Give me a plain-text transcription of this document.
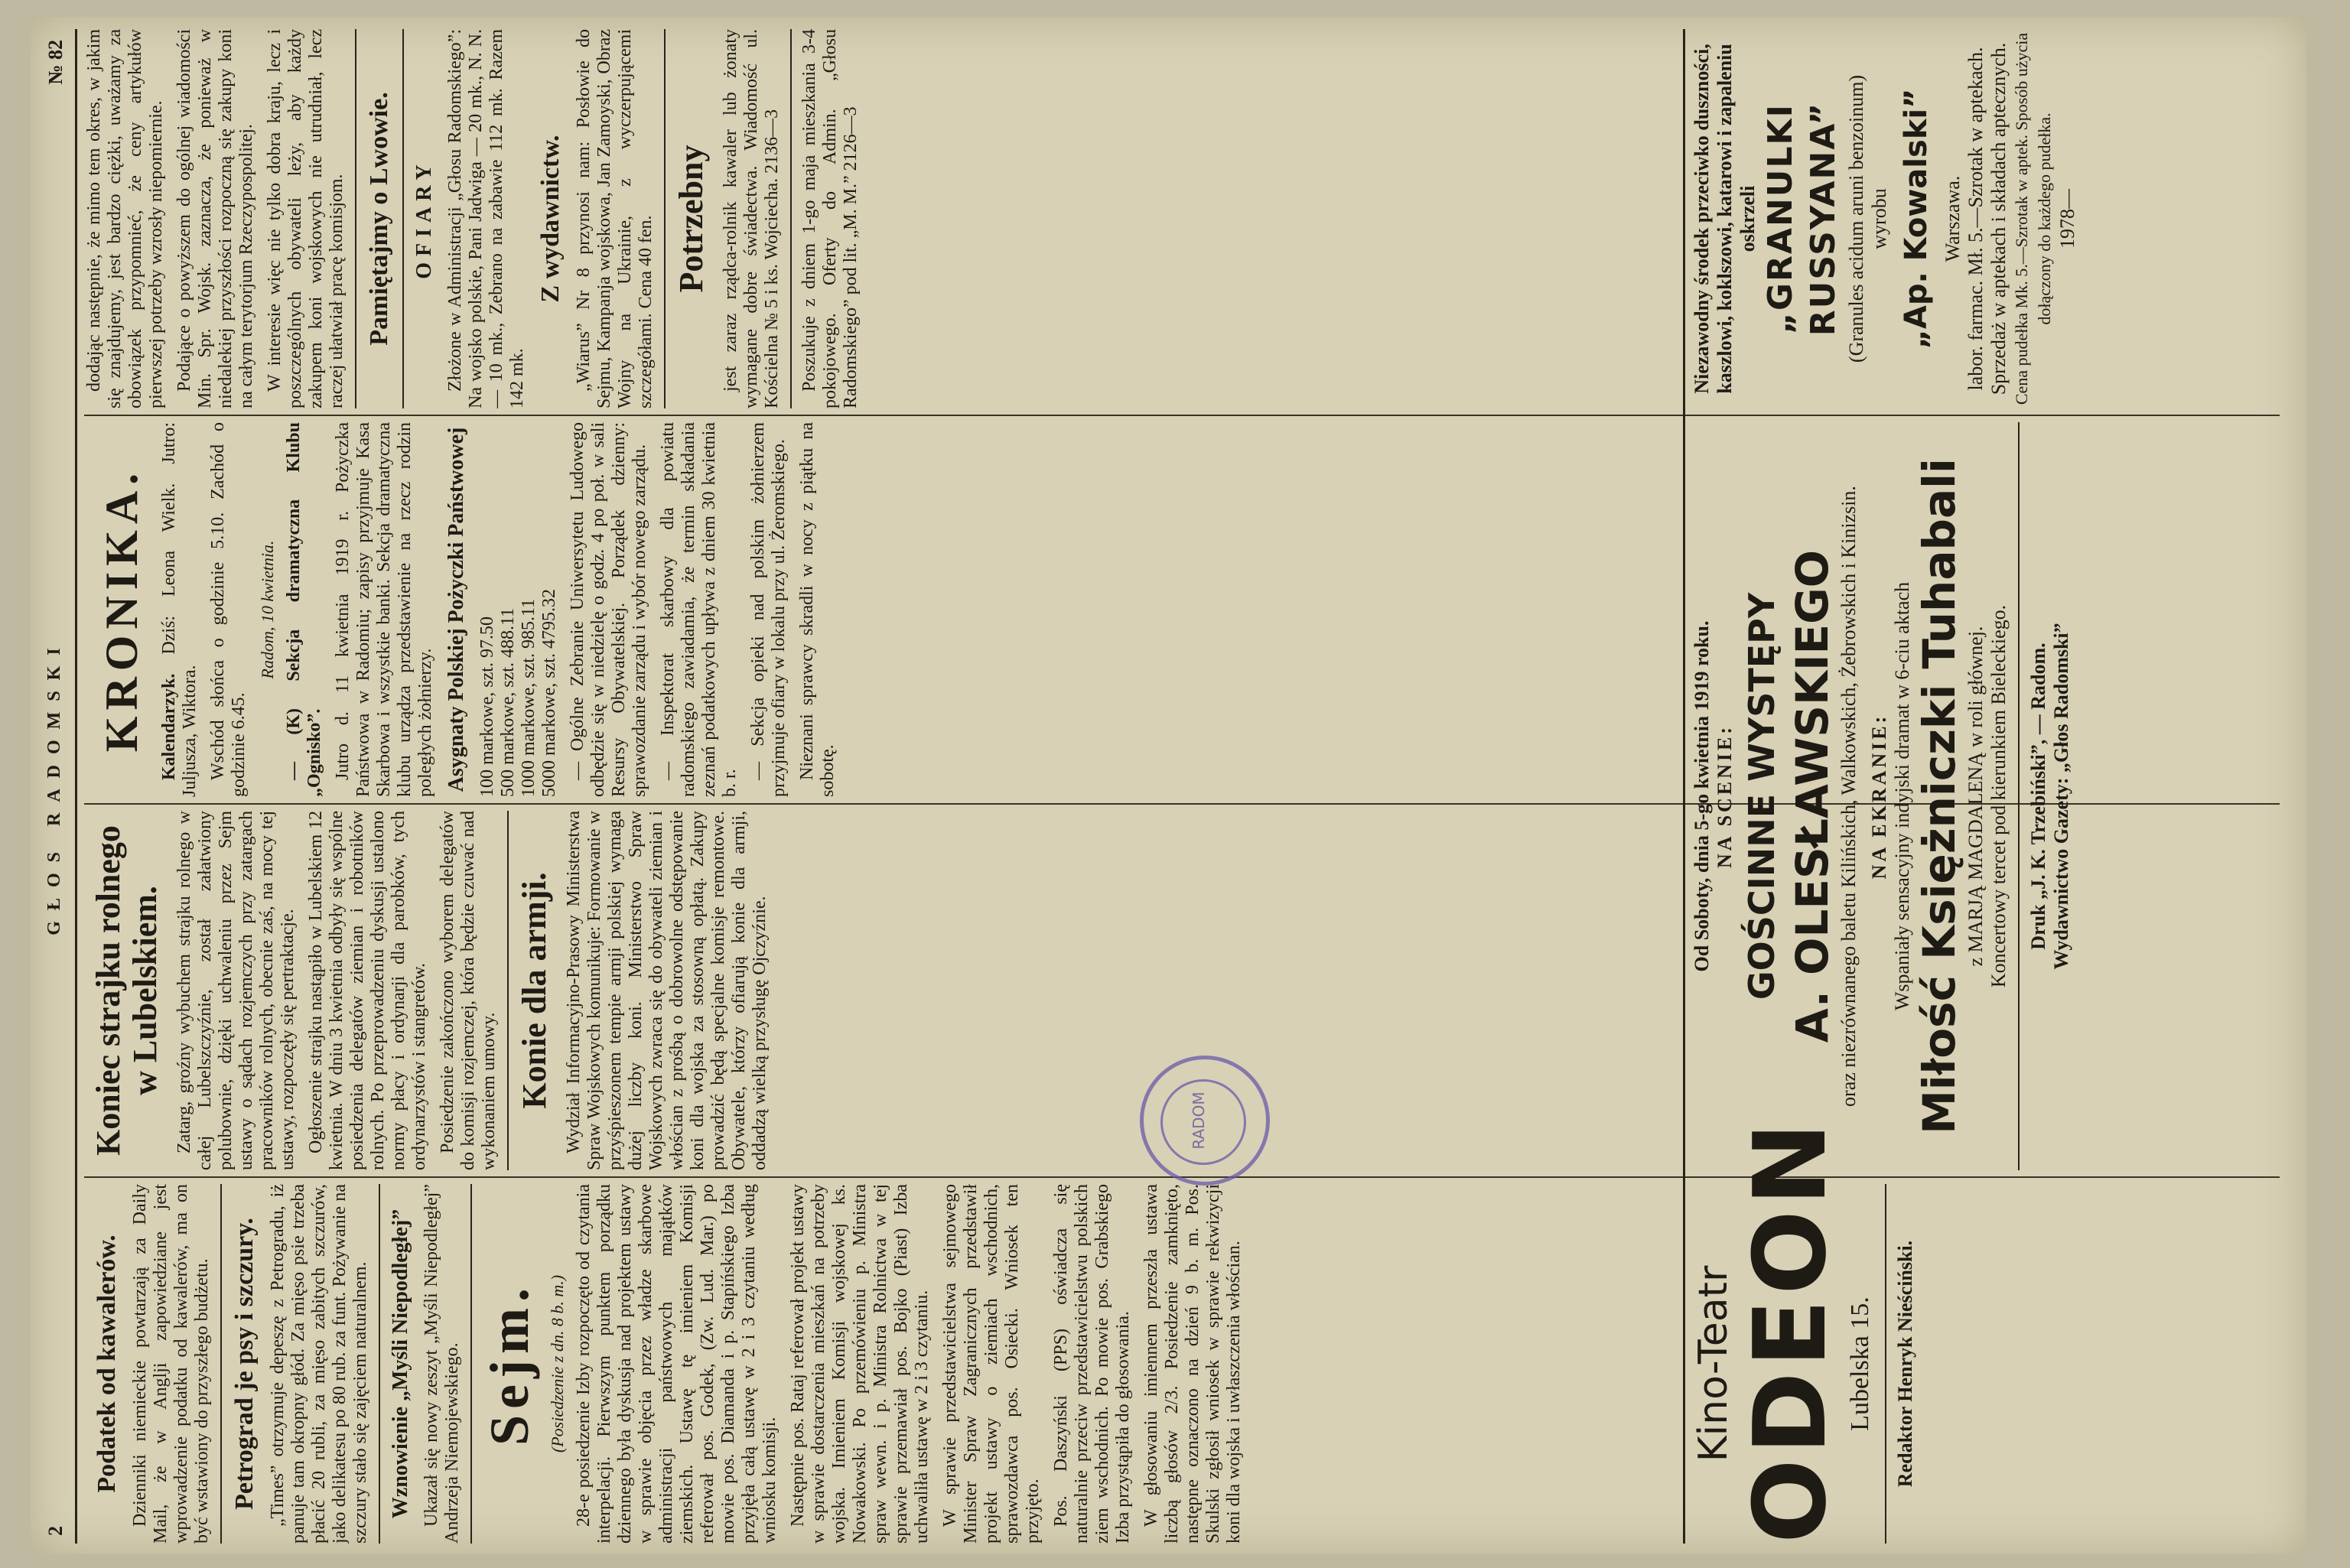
2
GŁOS RADOMSKI
№ 82
Podatek od kawalerów. Dzienniki niemieckie powtarzają za Daily Mail, że w Anglji zapowiedziane jest wprowadzenie podatku od kawalerów, ma on być wstawiony do przyszłego budżetu. Petrograd je psy i szczury. „Times” otrzymuje depeszę z Petrogradu, iż panuje tam okropny głód. Za mięso psie trzeba płacić 20 rubli, za mięso zabitych szczurów, jako delikatesu po 80 rub. za funt. Pożywanie na szczury stało się zajęciem naturalnem. Wznowienie „Myśli Niepodległej” Ukazał się nowy zeszyt „Myśli Niepodległej” Andrzeja Niemojewskiego. Sejm. (Posiedzenie z dn. 8 b. m.) 28-e posiedzenie Izby rozpoczęto od czytania interpelacji. Pierwszym punktem porządku dziennego była dyskusja nad projektem ustawy w sprawie objęcia przez władze skarbowe administracji państwowych majątków ziemskich. Ustawę tę imieniem Komisji referował pos. Godek, (Zw. Lud. Mar.) po mowie pos. Diamanda i p. Stapińskiego Izba przyjęła całą ustawę w 2 i 3 czytaniu według wniosku komisji. Następnie pos. Rataj referował projekt ustawy w sprawie dostarczenia mieszkań na potrzeby wojska. Imieniem Komisji wojskowej ks. Nowakowski. Po przemówieniu p. Ministra spraw wewn. i p. Ministra Rolnictwa w tej sprawie przemawiał pos. Bojko (Piast) Izba uchwaliła ustawę w 2 i 3 czytaniu. W sprawie przedstawicielstwa sejmowego Minister Spraw Zagranicznych przedstawił projekt ustawy o ziemiach wschodnich, sprawozdawca pos. Osiecki. Wniosek ten przyjęto. Pos. Daszyński (PPS) oświadcza się naturalnie przeciw przedstawicielstwu polskich ziem wschodnich. Po mowie pos. Grabskiego Izba przystąpiła do głosowania. W głosowaniu imiennem przeszła ustawa liczbą głosów 2/3. Posiedzenie zamknięto, następne oznaczono na dzień 9 b. m. Pos. Skulski zgłosił wniosek w sprawie rekwizycji koni dla wojska i uwłaszczenia włościan.

Koniec strajku rolnego w Lubelskiem. Zatarg, groźny wybuchem strajku rolnego w całej Lubelszczyźnie, został załatwiony polubownie, dzięki uchwaleniu przez Sejm ustawy o sądach rozjemczych przy zatargach pracowników rolnych, obecnie zaś, na mocy tej ustawy, rozpoczęły się pertraktacje. Ogłoszenie strajku nastąpiło w Lubelskiem 12 kwietnia. W dniu 3 kwietnia odbyły się wspólne posiedzenia delegatów ziemian i robotników rolnych. Po przeprowadzeniu dyskusji ustalono normy płacy i ordynarji dla parobków, tych ordynarzystów i stangretów. Posiedzenie zakończono wyborem delegatów do komisji rozjemczej, która będzie czuwać nad wykonaniem umowy. Konie dla armji. Wydział Informacyjno-Prasowy Ministerstwa Spraw Wojskowych komunikuje: Formowanie w przyśpieszonem tempie armji polskiej wymaga dużej liczby koni. Ministerstwo Spraw Wojskowych zwraca się do obywateli ziemian i włościan z prośbą o dobrowolne odstępowanie koni dla wojska za stosowną opłatą. Zakupy prowadzić będą specjalne komisje remontowe. Obywatele, którzy ofiarują konie dla armji, oddadzą wielką przysługę Ojczyźnie.

KRONIKA. Kalendarzyk. Dziś: Leona Wielk. Jutro: Juljusza, Wiktora. Wschód słońca o godzinie 5.10. Zachód o godzinie 6.45.

Radom, 10 kwietnia. — (K) Sekcja dramatyczna Klubu „Ognisko”. Jutro d. 11 kwietnia 1919 r. Pożyczka Państwowa w Radomiu; zapisy przyjmuje Kasa Skarbowa i wszystkie banki. Sekcja dramatyczna klubu urządza przedstawienie na rzecz rodzin poległych żołnierzy. Asygnaty Polskiej Pożyczki Państwowej 100 markowe, szt. 97.50 500 markowe, szt. 488.11 1000 markowe, szt. 985.11 5000 markowe, szt. 4795.32 — Ogólne Zebranie Uniwersytetu Ludowego odbędzie się w niedzielę o godz. 4 po poł. w sali Resursy Obywatelskiej. Porządek dzienny: sprawozdanie zarządu i wybór nowego zarządu. — Inspektorat skarbowy dla powiatu radomskiego zawiadamia, że termin składania zeznań podatkowych upływa z dniem 30 kwietnia b. r.

— Sekcja opieki nad polskim żołnierzem przyjmuje ofiary w lokalu przy ul. Żeromskiego. Nieznani sprawcy skradli w nocy z piątku na sobotę.

dodając następnie, że mimo tem okres, w jakim się znajdujemy, jest bardzo ciężki, uważamy za obowiązek przypomnieć, że ceny artykułów pierwszej potrzeby wzrosły niepomiernie. Podające o powyższem do ogólnej wiadomości Min. Spr. Wojsk. zaznacza, że ponieważ w niedalekiej przyszłości rozpoczną się zakupy koni na całym terytorjum Rzeczypospolitej. W interesie więc nie tylko dobra kraju, lecz i poszczególnych obywateli leży, aby każdy zakupem koni wojskowych nie utrudniał, lecz raczej ułatwiał pracę komisjom. Pamiętajmy o Lwowie. OFIARY Złożone w Administracji „Głosu Radomskiego”: Na wojsko polskie, Pani Jadwiga — 20 mk., N. N. — 10 mk., Zebrano na zabawie 112 mk. Razem 142 mk.

Z wydawnictw. „Wiarus” Nr 8 przynosi nam: Posłowie do Sejmu, Kampanja wojskowa, Jan Zamoyski, Obraz Wojny na Ukrainie, z wyczerpującemi szczegółami. Cena 40 fen. Potrzebny jest zaraz rządca-rolnik kawaler lub żonaty wymagane dobre świadectwa. Wiadomość ul. Kościelna № 5 i ks. Wojciecha. 2136—3 Poszukuje z dniem 1-go maja mieszkania 3-4 pokojowego. Oferty do Admin. „Głosu Radomskiego” pod lit. „M. M.” 2126—3

Kino-Teatr
ODEON
Lubelska 15. Redaktor Henryk Nieściński.
Od Soboty, dnia 5-go kwietnia 1919 roku. NA SCENIE: GOŚCINNE WYSTĘPY A. OLESŁAWSKIEGO oraz niezrównanego baletu Kilińskich, Walkowskich, Żebrowskich i Kinizsin. NA EKRANIE: Wspaniały sensacyjny indyjski dramat w 6-ciu aktach Miłość Księżniczki Tuhabali z MARJĄ MAGDALENĄ w roli głównej. Koncertowy tercet pod kierunkiem Bieleckiego. Druk „J. K. Trzebiński”, — Radom. Wydawnictwo Gazety: „Głos Radomski”
Niezawodny środek przeciwko duszności, kaszlowi, koklszowi, katarowi i zapaleniu oskrzeli „GRANULKI RUSSYANA” (Granules acidum aruni benzoinum) wyrobu „Ap. Kowalski” Warszawa. labor. farmac. Mł. 5.—Szrotak w aptekach. Sprzedaż w aptekach i składach aptecznych. Cena pudełka Mk. 5.—Szrotak w aptek. Sposób użycia dołączony do każdego pudełka. 1978—
RADOM
